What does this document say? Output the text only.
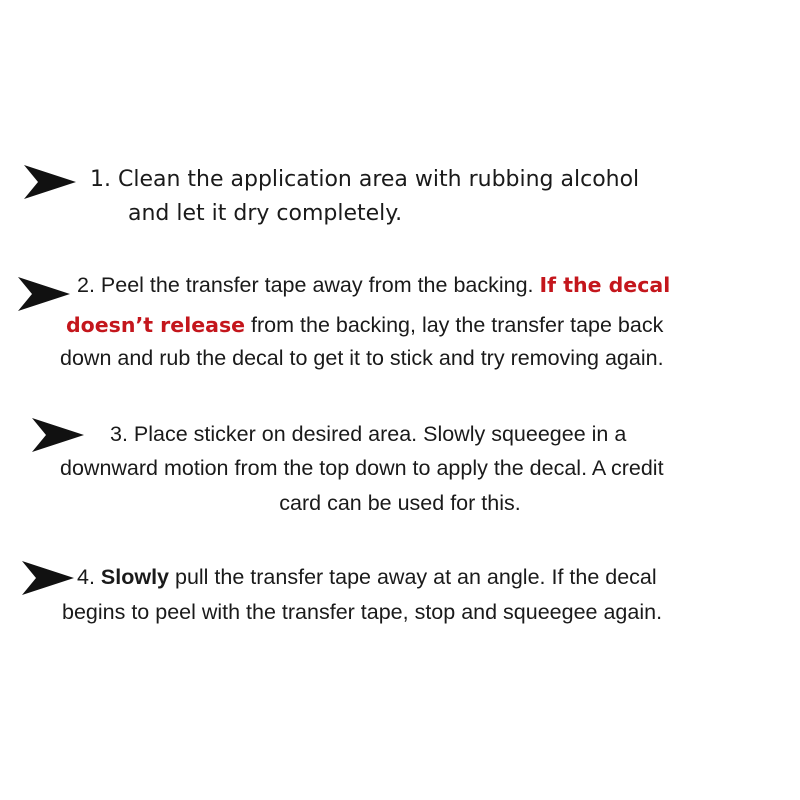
1. Clean the application area with rubbing alcohol
and let it dry completely.
2. Peel the transfer tape away from the backing. If the decal
doesn’t release from the backing, lay the transfer tape back
down and rub the decal to get it to stick and try removing again.
3. Place sticker on desired area. Slowly squeegee in a
downward motion from the top down to apply the decal. A credit
card can be used for this.
4. Slowly pull the transfer tape away at an angle. If the decal
begins to peel with the transfer tape, stop and squeegee again.
